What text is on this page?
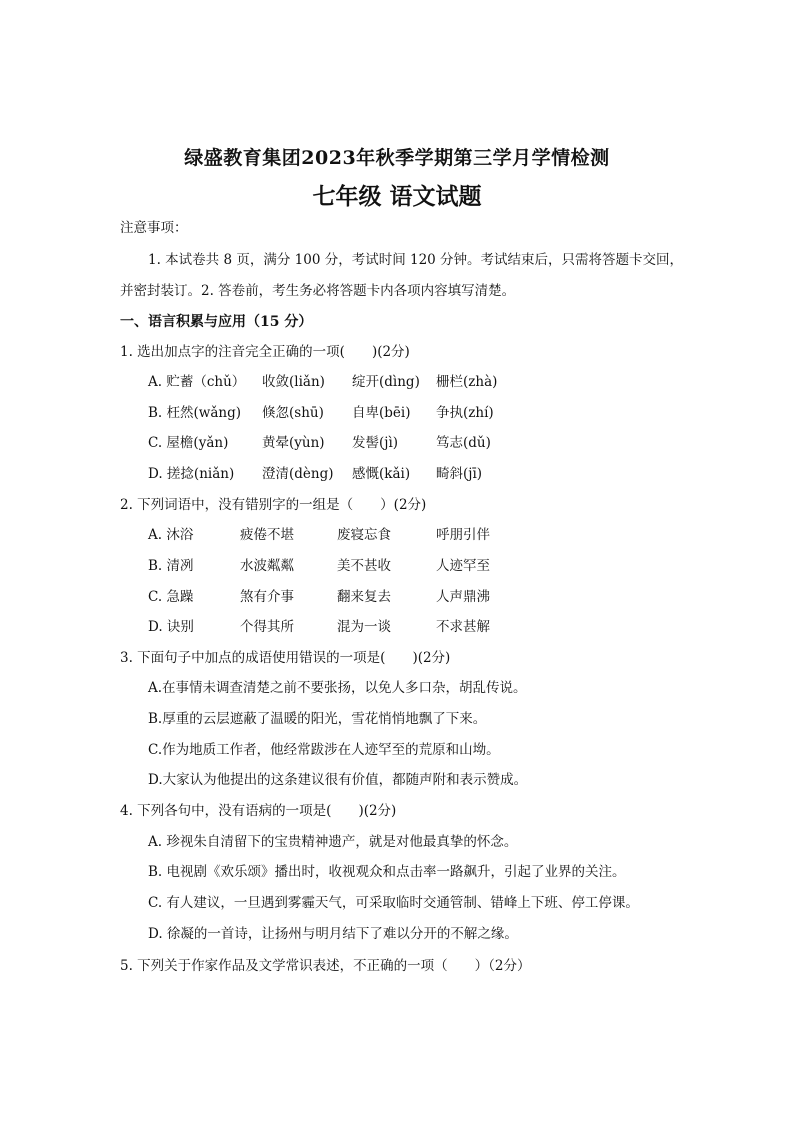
绿盛教育集团2023年秋季学期第三学月学情检测
七年级 语文试题
注意事项：
1. 本试卷共 8 页，满分 100 分，考试时间 120 分钟。考试结束后，只需将答题卡交回，
并密封装订。2. 答卷前，考生务必将答题卡内各项内容填写清楚。
一、语言积累与应用（15 分）
1. 选出加点字的注音完全正确的一项(　　)(2分)
A. 贮蓄（chǔ） 收敛(liǎn) 绽开(dìng) 栅栏(zhà)
B. 枉然(wǎng) 倏忽(shū) 自卑(bēi) 争执(zhí)
C. 屋檐(yǎn) 黄晕(yùn) 发髻(jì)	笃志(dǔ)
D. 搓捻(niǎn) 澄清(dèng) 感慨(kǎi) 畸斜(jī)
2. 下列词语中，没有错别字的一组是（　　）(2分)
A. 沐浴	疲倦不堪	废寝忘食	呼朋引伴
B. 清冽	水波粼粼	美不甚收	人迹罕至
C. 急躁	煞有介事	翻来复去	人声鼎沸
D. 诀别	个得其所	混为一谈	不求甚解
3. 下面句子中加点的成语使用错误的一项是(　　)(2分)
A.在事情未调查清楚之前不要张扬，以免人多口杂，胡乱传说。
B.厚重的云层遮蔽了温暖的阳光，雪花悄悄地飘了下来。
C.作为地质工作者，他经常跋涉在人迹罕至的荒原和山坳。
D.大家认为他提出的这条建议很有价值，都随声附和表示赞成。
4. 下列各句中，没有语病的一项是(　　)(2分)
A. 珍视朱自清留下的宝贵精神遗产，就是对他最真挚的怀念。
B. 电视剧《欢乐颂》播出时，收视观众和点击率一路飙升，引起了业界的关注。
C. 有人建议，一旦遇到雾霾天气，可采取临时交通管制、错峰上下班、停工停课。
D. 徐凝的一首诗，让扬州与明月结下了难以分开的不解之缘。
5. 下列关于作家作品及文学常识表述，不正确的一项（　　）（2分）
